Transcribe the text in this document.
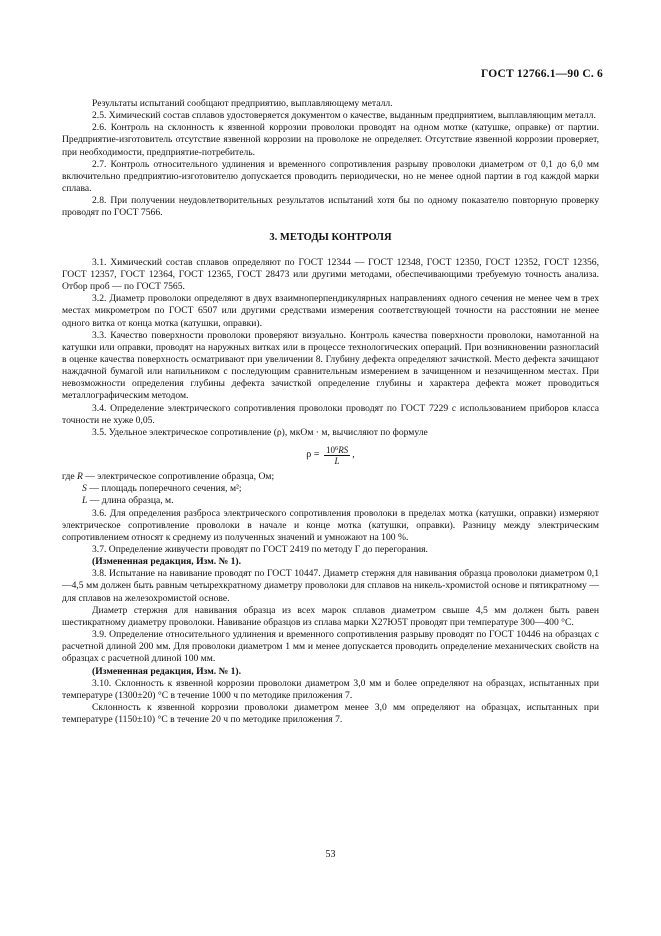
ГОСТ 12766.1—90 С. 6

Результаты испытаний сообщают предприятию, выплавляющему металл.

2.5. Химический состав сплавов удостоверяется документом о качестве, выданным предприятием, выплавляющим металл.

2.6. Контроль на склонность к язвенной коррозии проволоки проводят на одном мотке (катушке, оправке) от партии. Предприятие-изготовитель отсутствие язвенной коррозии на проволоке не определяет. Отсутствие язвенной коррозии проверяет, при необходимости, предприятие-потребитель.

2.7. Контроль относительного удлинения и временного сопротивления разрыву проволоки диаметром от 0,1 до 6,0 мм включительно предприятию-изготовителю допускается проводить периодически, но не менее одной партии в год каждой марки сплава.

2.8. При получении неудовлетворительных результатов испытаний хотя бы по одному показателю повторную проверку проводят по ГОСТ 7566.

3. МЕТОДЫ КОНТРОЛЯ

3.1. Химический состав сплавов определяют по ГОСТ 12344 — ГОСТ 12348, ГОСТ 12350, ГОСТ 12352, ГОСТ 12356, ГОСТ 12357, ГОСТ 12364, ГОСТ 12365, ГОСТ 28473 или другими методами, обеспечивающими требуемую точность анализа. Отбор проб — по ГОСТ 7565.

3.2. Диаметр проволоки определяют в двух взаимноперпендикулярных направлениях одного сечения не менее чем в трех местах микрометром по ГОСТ 6507 или другими средствами измерения соответствующей точности на расстоянии не менее одного витка от конца мотка (катушки, оправки).

3.3. Качество поверхности проволоки проверяют визуально. Контроль качества поверхности проволоки, намотанной на катушки или оправки, проводят на наружных витках или в процессе технологических операций. При возникновении разногласий в оценке качества поверхность осматривают при увеличении 8. Глубину дефекта определяют зачисткой. Место дефекта зачищают наждачной бумагой или напильником с последующим сравнительным измерением в зачищенном и незачищенном местах. При невозможности определения глубины дефекта зачисткой определение глубины и характера дефекта может проводиться металлографическим методом.

3.4. Определение электрического сопротивления проволоки проводят по ГОСТ 7229 с использованием приборов класса точности не хуже 0,05.

3.5. Удельное электрическое сопротивление (ρ), мкОм · м, вычисляют по формуле

$\rho = \frac{10^6RS}{L}$ ,

где R — электрическое сопротивление образца, Ом;

S — площадь поперечного сечения, м²;

L — длина образца, м.

3.6. Для определения разброса электрического сопротивления проволоки в пределах мотка (катушки, оправки) измеряют электрическое сопротивление проволоки в начале и конце мотка (катушки, оправки). Разницу между электрическим сопротивлением относят к среднему из полученных значений и умножают на 100 %.

3.7. Определение живучести проводят по ГОСТ 2419 по методу Г до перегорания.

(Измененная редакция, Изм. № 1).

3.8. Испытание на навивание проводят по ГОСТ 10447. Диаметр стержня для навивания образца проволоки диаметром 0,1—4,5 мм должен быть равным четырехкратному диаметру проволоки для сплавов на никель-хромистой основе и пятикратному — для сплавов на железохромистой основе.

Диаметр стержня для навивания образца из всех марок сплавов диаметром свыше 4,5 мм должен быть равен шестикратному диаметру проволоки. Навивание образцов из сплава марки Х27Ю5Т проводят при температуре 300—400 °С.

3.9. Определение относительного удлинения и временного сопротивления разрыву проводят по ГОСТ 10446 на образцах с расчетной длиной 200 мм. Для проволоки диаметром 1 мм и менее допускается проводить определение механических свойств на образцах с расчетной длиной 100 мм.

(Измененная редакция, Изм. № 1).

3.10. Склонность к язвенной коррозии проволоки диаметром 3,0 мм и более определяют на образцах, испытанных при температуре (1300±20) °С в течение 1000 ч по методике приложения 7.

Склонность к язвенной коррозии проволоки диаметром менее 3,0 мм определяют на образцах, испытанных при температуре (1150±10) °С в течение 20 ч по методике приложения 7.

53
